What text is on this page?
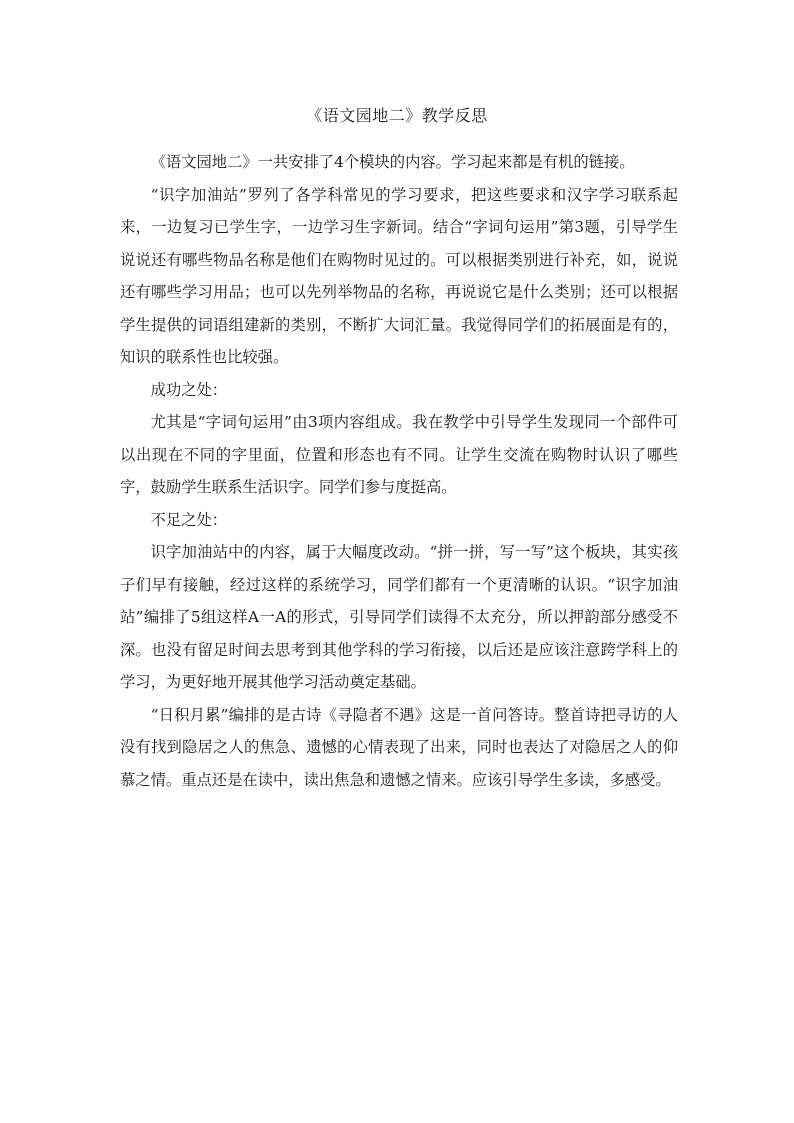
《语文园地二》教学反思

《语文园地二》一共安排了4个模块的内容。学习起来都是有机的链接。

“识字加油站”罗列了各学科常见的学习要求，把这些要求和汉字学习联系起来，一边复习已学生字，一边学习生字新词。结合“字词句运用”第3题，引导学生说说还有哪些物品名称是他们在购物时见过的。可以根据类别进行补充，如，说说还有哪些学习用品；也可以先列举物品的名称，再说说它是什么类别；还可以根据学生提供的词语组建新的类别，不断扩大词汇量。我觉得同学们的拓展面是有的，知识的联系性也比较强。

成功之处：

尤其是“字词句运用”由3项内容组成。我在教学中引导学生发现同一个部件可以出现在不同的字里面，位置和形态也有不同。让学生交流在购物时认识了哪些字，鼓励学生联系生活识字。同学们参与度挺高。

不足之处：

识字加油站中的内容，属于大幅度改动。“拼一拼，写一写”这个板块，其实孩子们早有接触，经过这样的系统学习，同学们都有一个更清晰的认识。“识字加油站”编排了5组这样A一A的形式，引导同学们读得不太充分，所以押韵部分感受不深。也没有留足时间去思考到其他学科的学习衔接，以后还是应该注意跨学科上的学习，为更好地开展其他学习活动奠定基础。

“日积月累”编排的是古诗《寻隐者不遇》这是一首问答诗。整首诗把寻访的人没有找到隐居之人的焦急、遗憾的心情表现了出来，同时也表达了对隐居之人的仰慕之情。重点还是在读中，读出焦急和遗憾之情来。应该引导学生多读，多感受。
